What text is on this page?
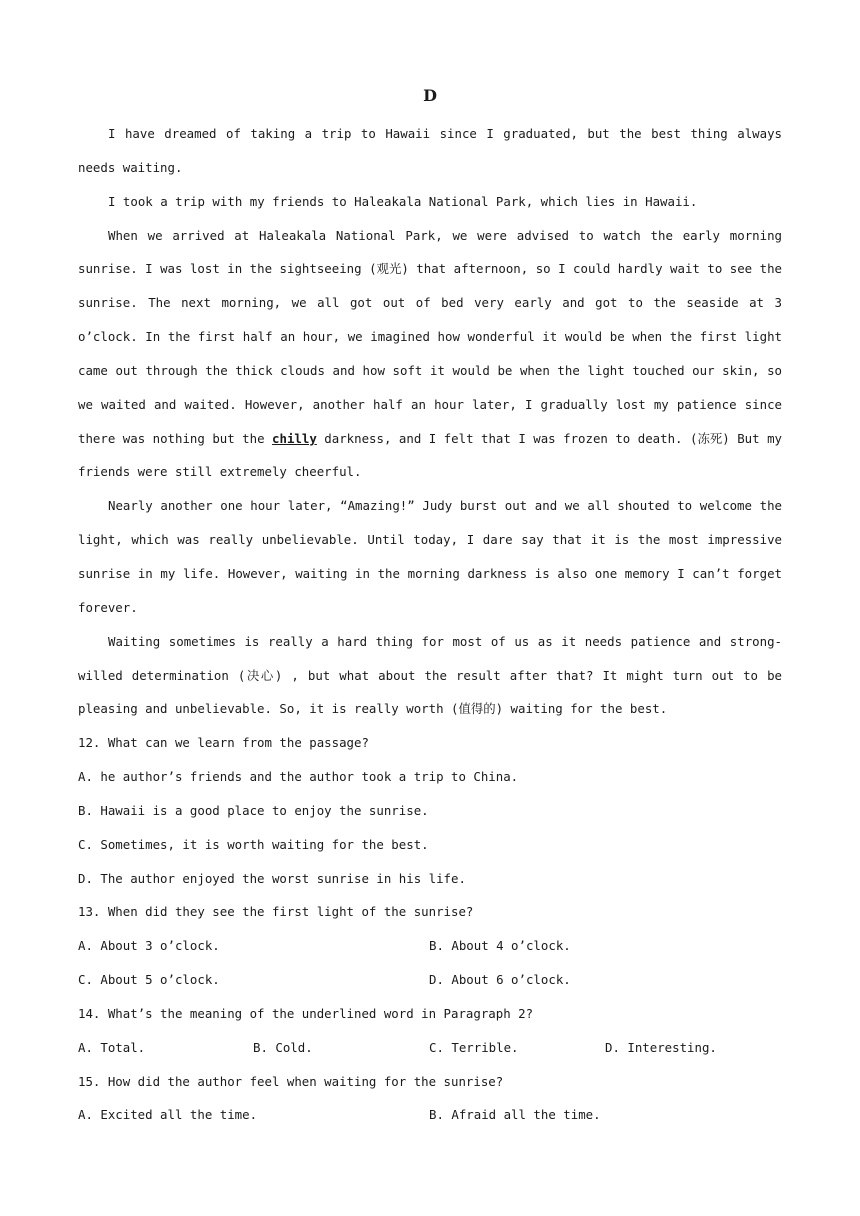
D

I have dreamed of taking a trip to Hawaii since I graduated, but the best thing always needs waiting.

I took a trip with my friends to Haleakala National Park, which lies in Hawaii.

When we arrived at Haleakala National Park, we were advised to watch the early morning sunrise. I was lost in the sightseeing (观光) that afternoon, so I could hardly wait to see the sunrise. The next morning, we all got out of bed very early and got to the seaside at 3 o’clock. In the first half an hour, we imagined how wonderful it would be when the first light came out through the thick clouds and how soft it would be when the light touched our skin, so we waited and waited. However, another half an hour later, I gradually lost my patience since there was nothing but the chilly darkness, and I felt that I was frozen to death. (冻死) But my friends were still extremely cheerful.

Nearly another one hour later, “Amazing!” Judy burst out and we all shouted to welcome the light, which was really unbelievable. Until today, I dare say that it is the most impressive sunrise in my life. However, waiting in the morning darkness is also one memory I can’t forget forever.

Waiting sometimes is really a hard thing for most of us as it needs patience and strong-willed determination (决心) , but what about the result after that? It might turn out to be pleasing and unbelievable. So, it is really worth (值得的) waiting for the best.

12. What can we learn from the passage?
A. he author’s friends and the author took a trip to China.
B. Hawaii is a good place to enjoy the sunrise.
C. Sometimes, it is worth waiting for the best.
D. The author enjoyed the worst sunrise in his life.
13. When did they see the first light of the sunrise?
A. About 3 o’clock.	B. About 4 o’clock.
C. About 5 o’clock.	D. About 6 o’clock.
14. What’s the meaning of the underlined word in Paragraph 2?
A. Total.	B. Cold.	C. Terrible.	D. Interesting.
15. How did the author feel when waiting for the sunrise?
A. Excited all the time.	B. Afraid all the time.
